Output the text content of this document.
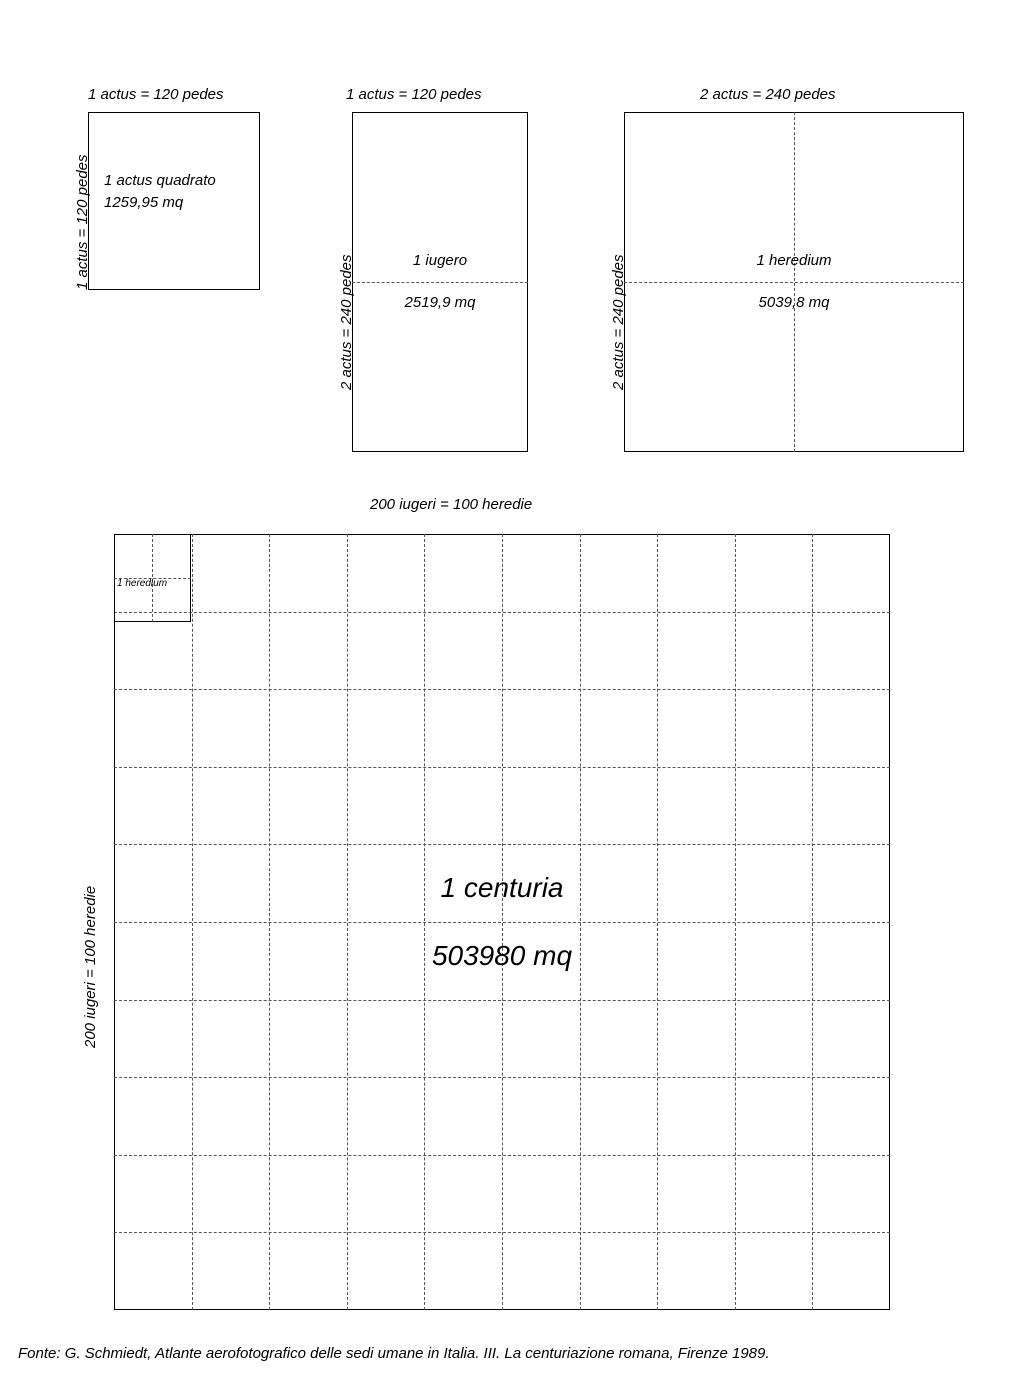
1 actus = 120 pedes
1 actus = 120 pedes 1 actus quadrato
1259,95 mq
1 actus = 120 pedes
2 actus = 240 pedes	1 iugero
2519,9 mq
2 actus = 240 pedes
2 actus = 240 pedes	1 heredium
5039,8 mq
200 iugeri = 100 heredie
200 iugeri = 100 heredie
1 heredium
1 centuria
503980 mq
Fonte: G. Schmiedt, Atlante aerofotografico delle sedi umane in Italia. III. La centuriazione romana, Firenze 1989.
